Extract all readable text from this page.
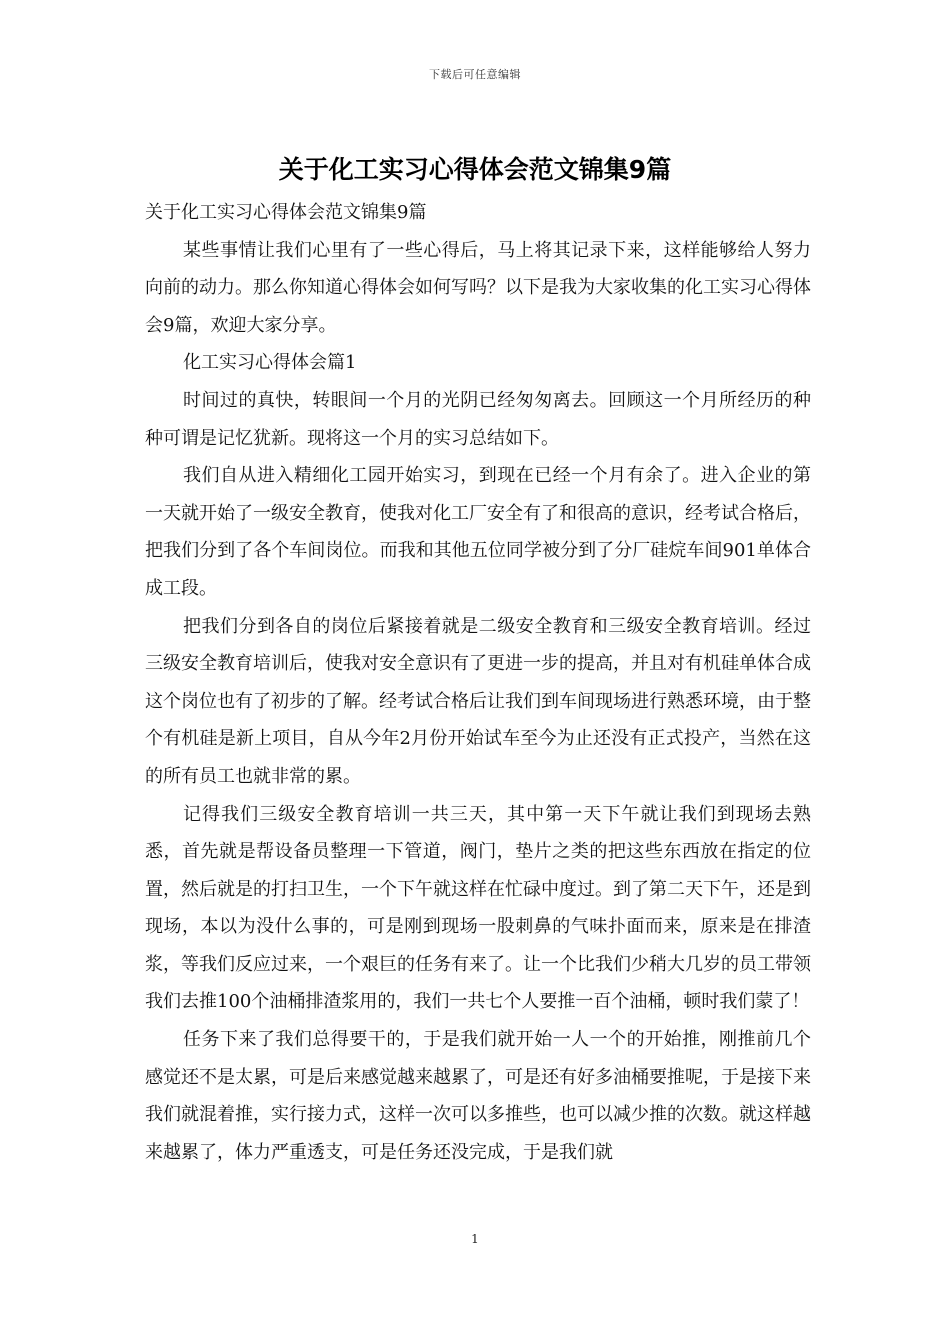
下载后可任意编辑
关于化工实习心得体会范文锦集9篇

关于化工实习心得体会范文锦集9篇

某些事情让我们心里有了一些心得后，马上将其记录下来，这样能够给人努力向前的动力。那么你知道心得体会如何写吗？以下是我为大家收集的化工实习心得体会9篇，欢迎大家分享。

化工实习心得体会篇1

时间过的真快，转眼间一个月的光阴已经匆匆离去。回顾这一个月所经历的种种可谓是记忆犹新。现将这一个月的实习总结如下。

我们自从进入精细化工园开始实习，到现在已经一个月有余了。进入企业的第一天就开始了一级安全教育，使我对化工厂安全有了和很高的意识，经考试合格后，把我们分到了各个车间岗位。而我和其他五位同学被分到了分厂硅烷车间901单体合成工段。

把我们分到各自的岗位后紧接着就是二级安全教育和三级安全教育培训。经过三级安全教育培训后，使我对安全意识有了更进一步的提高，并且对有机硅单体合成这个岗位也有了初步的了解。经考试合格后让我们到车间现场进行熟悉环境，由于整个有机硅是新上项目，自从今年2月份开始试车至今为止还没有正式投产，当然在这的所有员工也就非常的累。

记得我们三级安全教育培训一共三天，其中第一天下午就让我们到现场去熟悉，首先就是帮设备员整理一下管道，阀门，垫片之类的把这些东西放在指定的位置，然后就是的打扫卫生，一个下午就这样在忙碌中度过。到了第二天下午，还是到现场，本以为没什么事的，可是刚到现场一股刺鼻的气味扑面而来，原来是在排渣浆，等我们反应过来，一个艰巨的任务有来了。让一个比我们少稍大几岁的员工带领我们去推100个油桶排渣浆用的，我们一共七个人要推一百个油桶，顿时我们蒙了！

任务下来了我们总得要干的，于是我们就开始一人一个的开始推，刚推前几个感觉还不是太累，可是后来感觉越来越累了，可是还有好多油桶要推呢，于是接下来我们就混着推，实行接力式，这样一次可以多推些，也可以减少推的次数。就这样越来越累了，体力严重透支，可是任务还没完成，于是我们就

1
